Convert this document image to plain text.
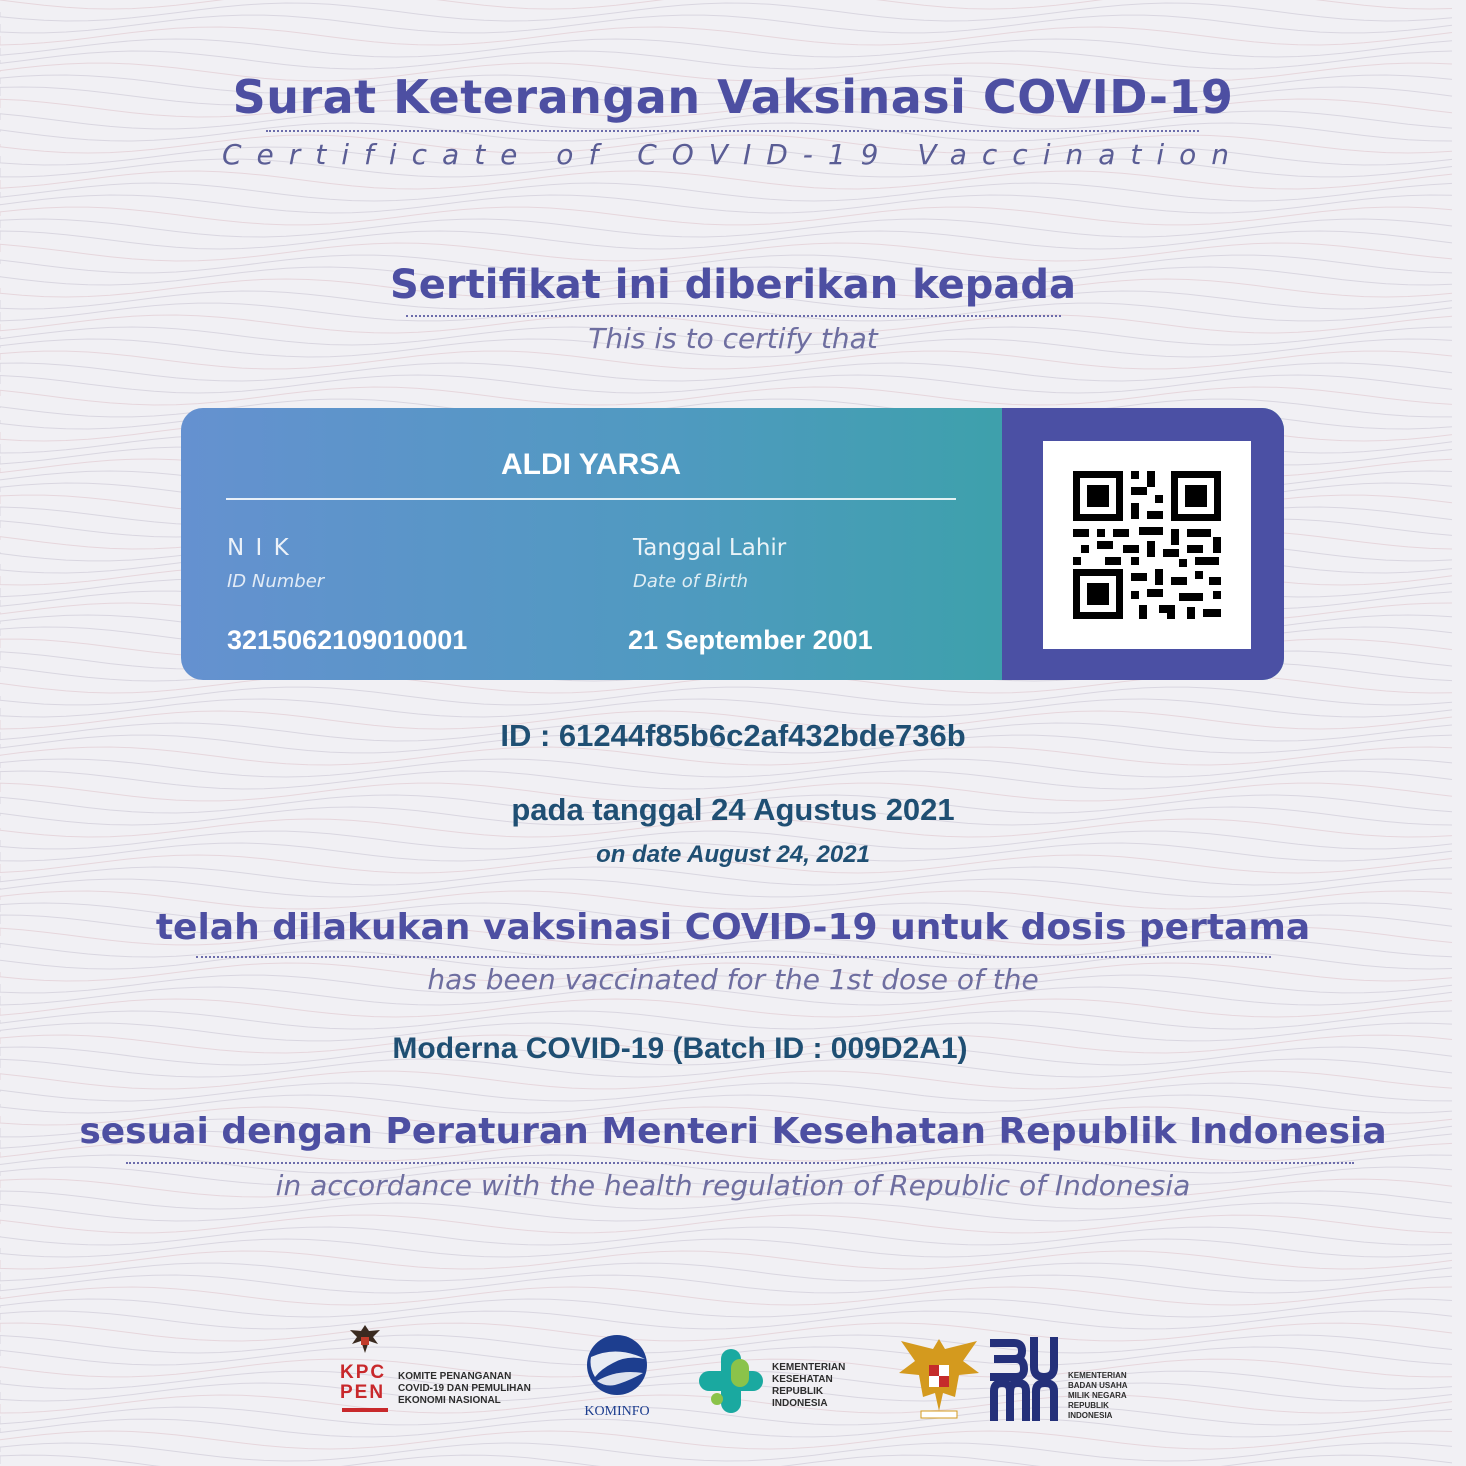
Surat Keterangan Vaksinasi COVID-19
Certificate of COVID-19 Vaccination
Sertifikat ini diberikan kepada
This is to certify that
ALDI YARSA
N I K
ID Number
3215062109010001
Tanggal Lahir
Date of Birth
21 September 2001
ID : 61244f85b6c2af432bde736b
pada tanggal 24 Agustus 2021
on date August 24, 2021
telah dilakukan vaksinasi COVID-19 untuk dosis pertama
has been vaccinated for the 1st dose of the
Moderna COVID-19 (Batch ID : 009D2A1)
sesuai dengan Peraturan Menteri Kesehatan Republik Indonesia
in accordance with the health regulation of Republic of Indonesia
KPC
PEN
KOMITE PENANGANAN
COVID-19 DAN PEMULIHAN
EKONOMI NASIONAL
KOMINFO
KEMENTERIAN
KESEHATAN
REPUBLIK
INDONESIA
KEMENTERIAN
BADAN USAHA
MILIK NEGARA
REPUBLIK
INDONESIA
